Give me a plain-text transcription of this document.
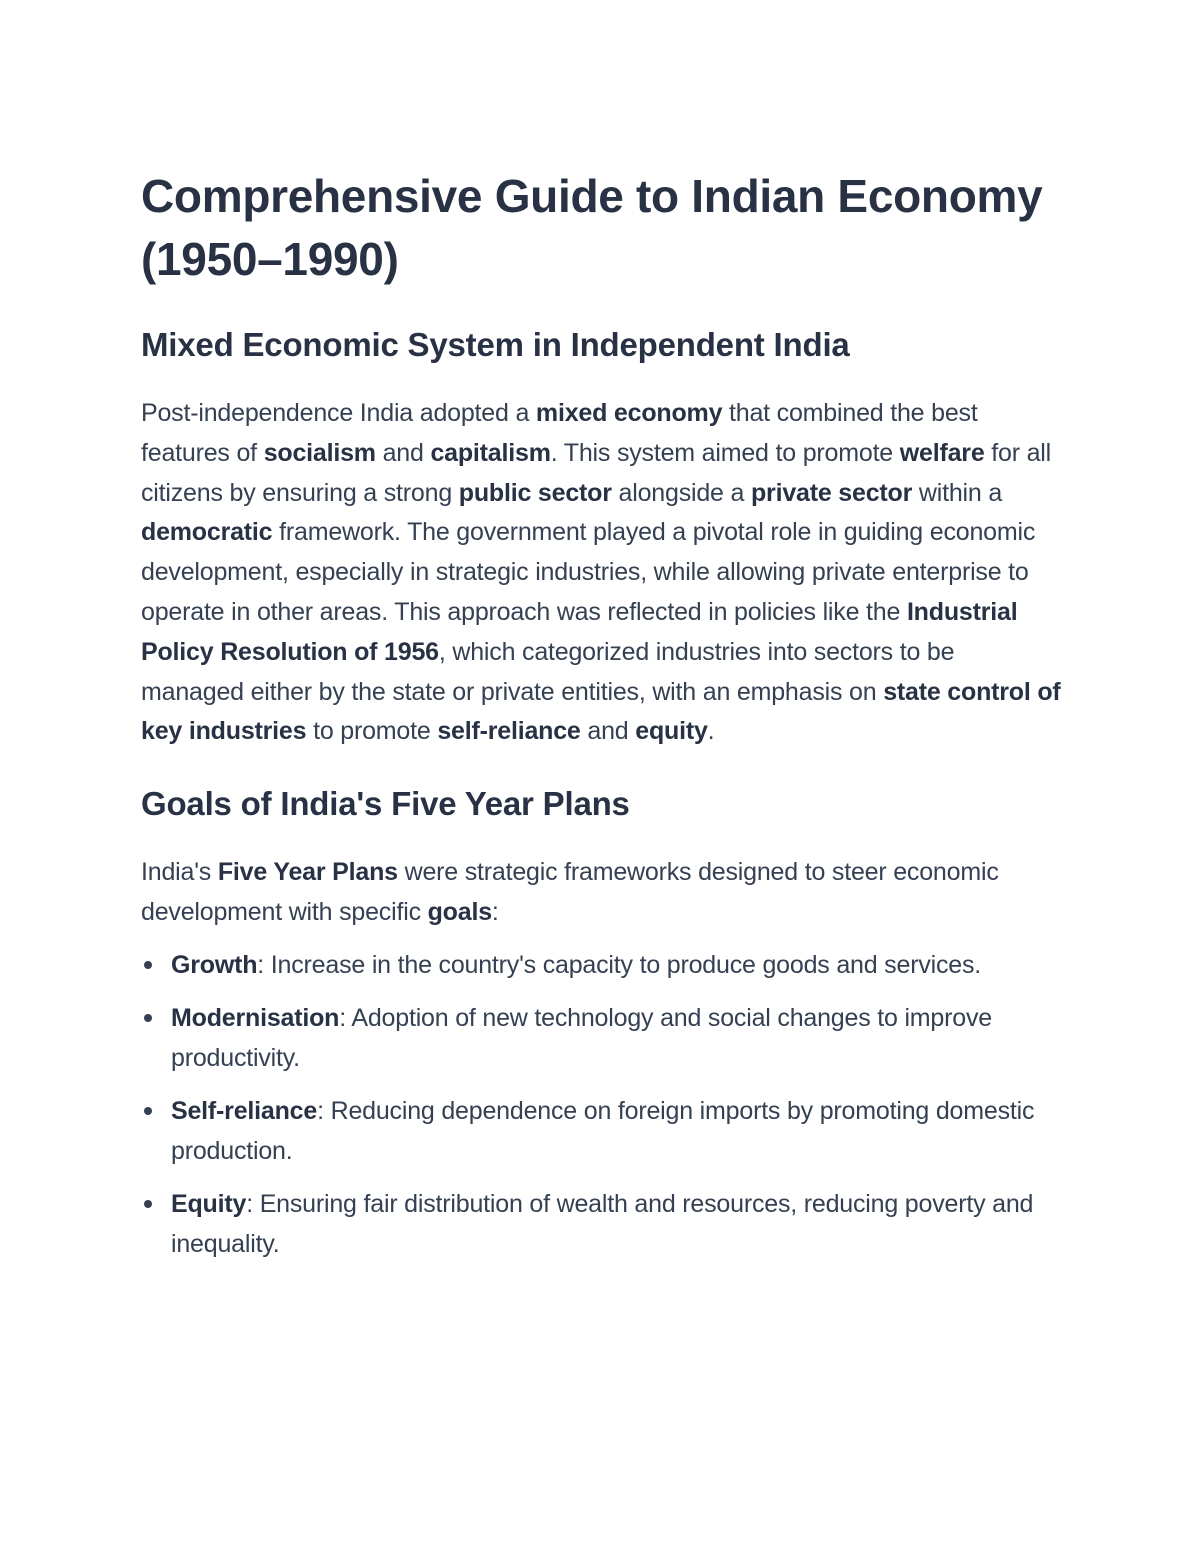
Comprehensive Guide to Indian Economy (1950–1990)
Mixed Economic System in Independent India

Post-independence India adopted a mixed economy that combined the best features of socialism and capitalism. This system aimed to promote welfare for all citizens by ensuring a strong public sector alongside a private sector within a democratic framework. The government played a pivotal role in guiding economic development, especially in strategic industries, while allowing private enterprise to operate in other areas. This approach was reflected in policies like the Industrial Policy Resolution of 1956, which categorized industries into sectors to be managed either by the state or private entities, with an emphasis on state control of key industries to promote self-reliance and equity.

Goals of India's Five Year Plans

India's Five Year Plans were strategic frameworks designed to steer economic development with specific goals:

Growth: Increase in the country's capacity to produce goods and services.
Modernisation: Adoption of new technology and social changes to improve productivity.
Self-reliance: Reducing dependence on foreign imports by promoting domestic production.
Equity: Ensuring fair distribution of wealth and resources, reducing poverty and inequality.
